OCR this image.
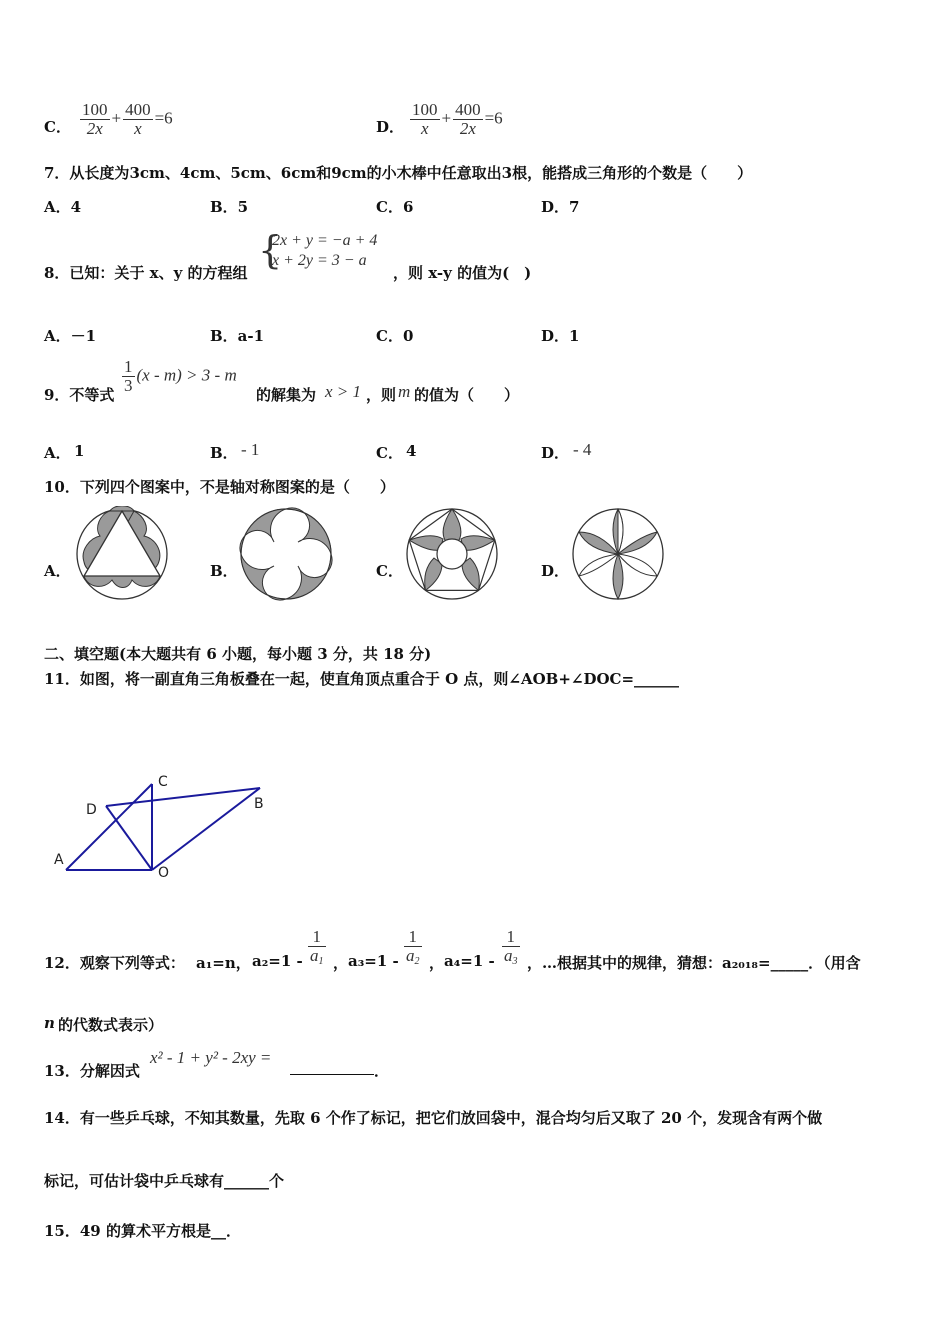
C． $\frac{100}{2x} + \frac{400}{x} =6$	D． $\frac{100}{x} + \frac{400}{2x} =6$
7．从长度为3cm、4cm、5cm、6cm和9cm的小木棒中任意取出3根，能搭成三角形的个数是（　　）
A．4	B．5	C．6	D．7
8．已知：关于 x、y 的方程组
{
2x + y = −a + 4
x + 2y = 3 − a
，则 x-y 的值为(　)
A．－1	B．a-1	C．0	D．1
9．不等式 $\frac{1}{3} (x - m) > 3 - m$
的解集为 x > 1 ，则 m 的值为（　　）
A． 1	B． - 1	C． 4	D． - 4
10．下列四个图案中，不是轴对称图案的是（　　）
A．	B．	C．	D．
二、填空题(本大题共有 6 小题，每小题 3 分，共 18 分)
11．如图，将一副直角三角板叠在一起，使直角顶点重合于 O 点，则∠AOB+∠DOC=______
A
B
C
D
O
12．观察下列等式： a₁=n， $a_2=1 - \frac{1}{a_1}$ ， $a_3=1 - \frac{1}{a_2}$ ， $a_4=1 - \frac{1}{a_3}$ ，…根据其中的规律，猜想：a₂₀₁₈=_____．（用含
n 的代数式表示）
13．分解因式
x² - 1 + y² - 2xy =
．
14．有一些乒乓球，不知其数量，先取 6 个作了标记，把它们放回袋中，混合均匀后又取了 20 个，发现含有两个做
标记，可估计袋中乒乓球有______个
15．49 的算术平方根是__．
